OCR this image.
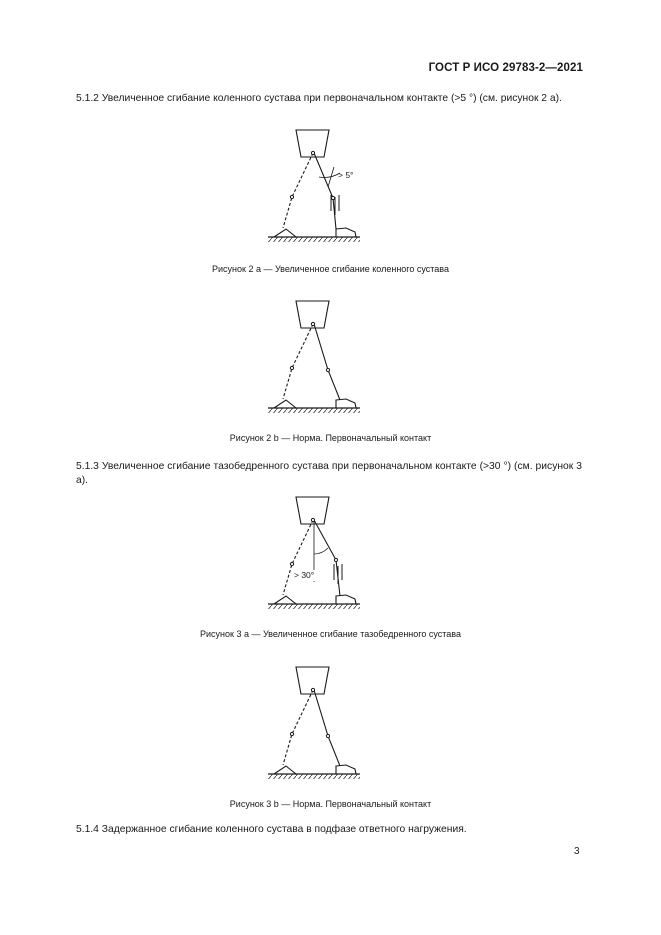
ГОСТ Р ИСО 29783-2—2021
5.1.2 Увеличенное сгибание коленного сустава при первоначальном контакте (>5 °) (см. рисунок 2 а).
> 5°
Рисунок 2 а — Увеличенное сгибание коленного сустава
Рисунок 2 b — Норма. Первоначальный контакт
5.1.3 Увеличенное сгибание тазобедренного сустава при первоначальном контакте (>30 °) (см. рисунок 3 а).
> 30°
Рисунок 3 а — Увеличенное сгибание тазобедренного сустава
Рисунок 3 b — Норма. Первоначальный контакт
5.1.4 Задержанное сгибание коленного сустава в подфазе ответного нагружения.
3
